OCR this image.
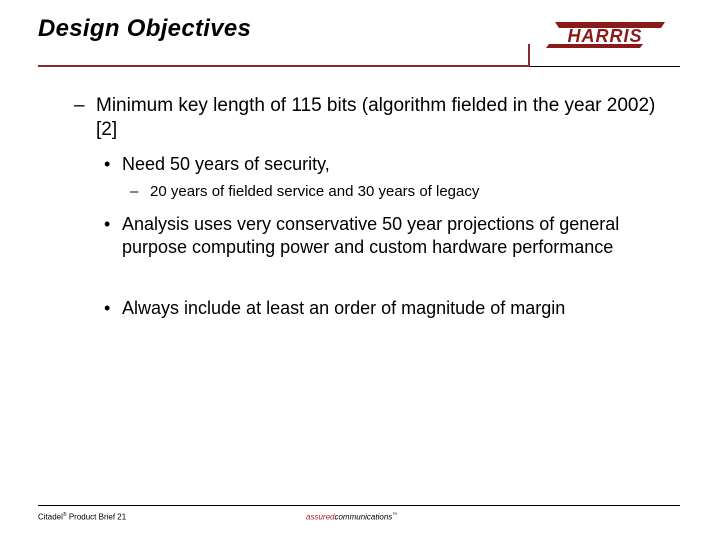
Design Objectives	HARRIS
– Minimum key length of 115 bits (algorithm fielded in the year 2002) [2]
• Need 50 years of security,
– 20 years of fielded service and 30 years of legacy
• Analysis uses very conservative 50 year projections of general purpose computing power and custom hardware performance
• Always include at least an order of magnitude of margin
Citadel® Product Brief 21	assuredcommunications™
